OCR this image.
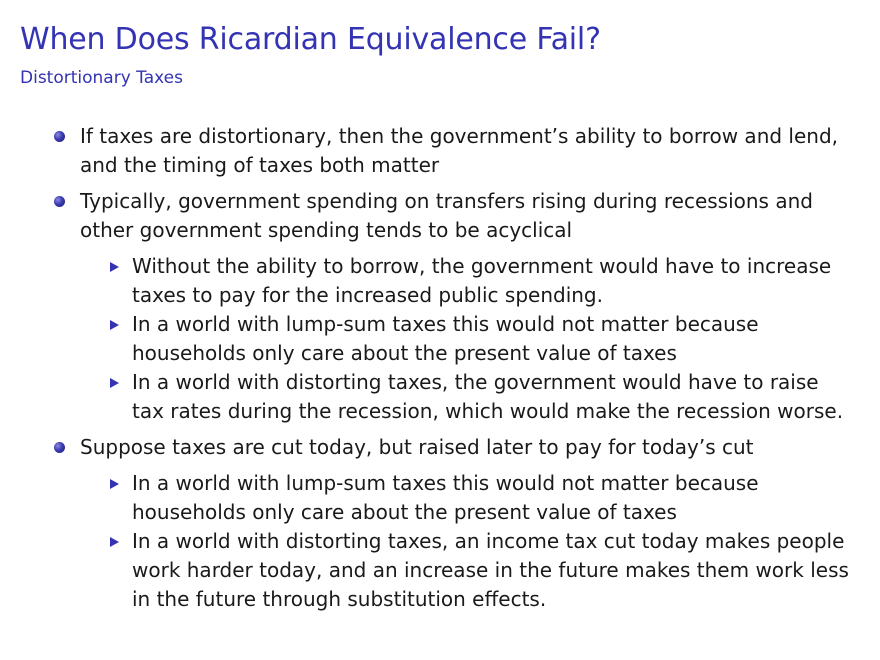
When Does Ricardian Equivalence Fail?
Distortionary Taxes
If taxes are distortionary, then the government’s ability to borrow and lend, and the timing of taxes both matter
Typically, government spending on transfers rising during recessions and other government spending tends to be acyclical
Without the ability to borrow, the government would have to increase taxes to pay for the increased public spending.
In a world with lump-sum taxes this would not matter because households only care about the present value of taxes
In a world with distorting taxes, the government would have to raise tax rates during the recession, which would make the recession worse.
Suppose taxes are cut today, but raised later to pay for today’s cut
In a world with lump-sum taxes this would not matter because households only care about the present value of taxes
In a world with distorting taxes, an income tax cut today makes people work harder today, and an increase in the future makes them work less in the future through substitution effects.
